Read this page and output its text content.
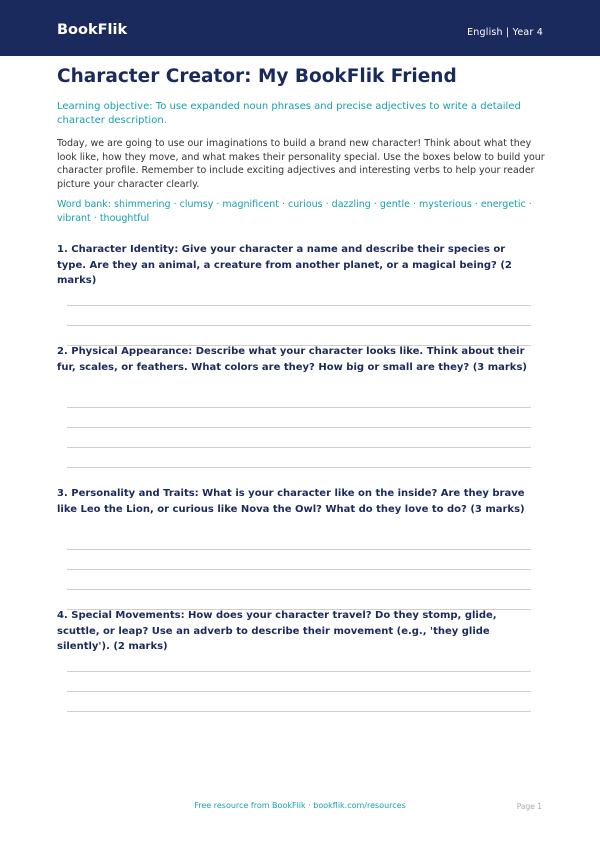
BookFlik	English | Year 4
Character Creator: My BookFlik Friend

Learning objective: To use expanded noun phrases and precise adjectives to write a detailed character description.

Today, we are going to use our imaginations to build a brand new character! Think about what they look like, how they move, and what makes their personality special. Use the boxes below to build your character profile. Remember to include exciting adjectives and interesting verbs to help your reader picture your character clearly.

Word bank: shimmering · clumsy · magnificent · curious · dazzling · gentle · mysterious · energetic · vibrant · thoughtful

1. Character Identity: Give your character a name and describe their species or type. Are they an animal, a creature from another planet, or a magical being? (2 marks)

2. Physical Appearance: Describe what your character looks like. Think about their fur, scales, or feathers. What colors are they? How big or small are they? (3 marks)

3. Personality and Traits: What is your character like on the inside? Are they brave like Leo the Lion, or curious like Nova the Owl? What do they love to do? (3 marks)

4. Special Movements: How does your character travel? Do they stomp, glide, scuttle, or leap? Use an adverb to describe their movement (e.g., 'they glide silently'). (2 marks)

Free resource from BookFlik · bookflik.com/resources	Page 1
